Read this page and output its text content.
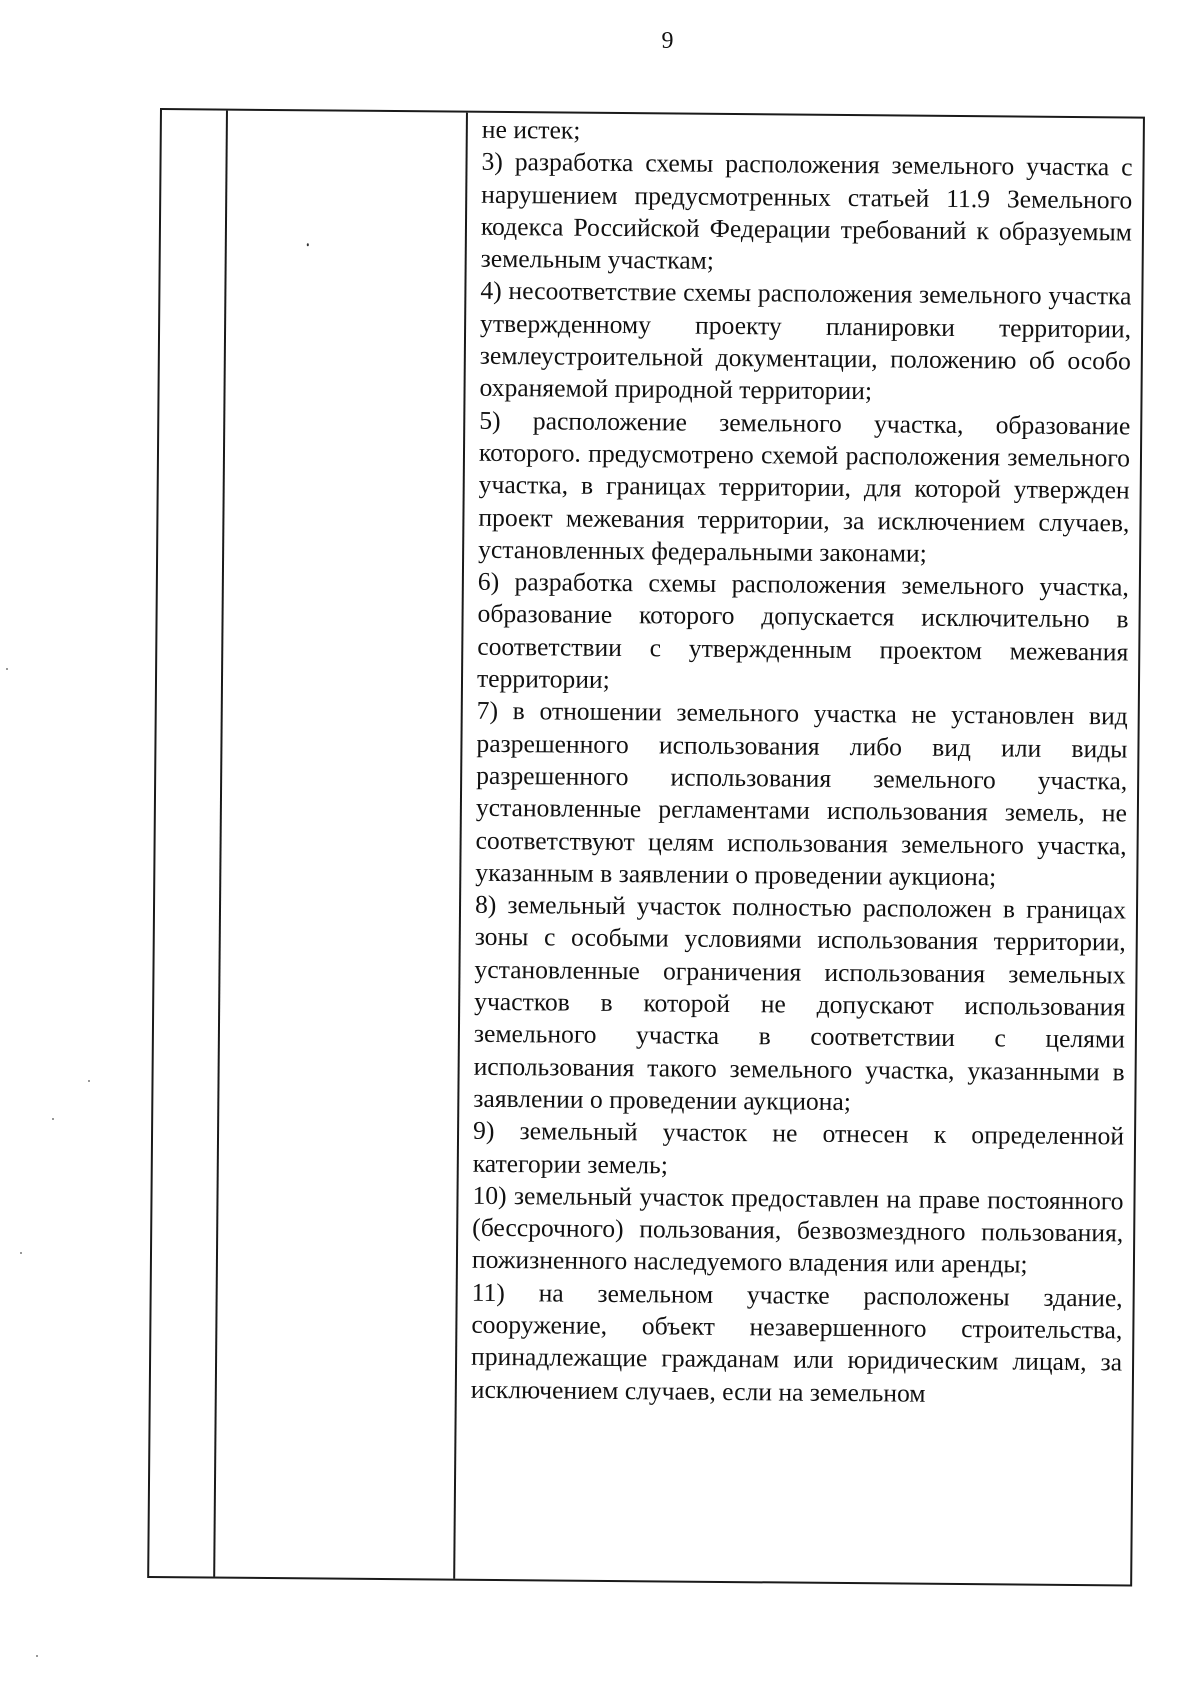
9

не истек;

3) разработка схемы расположения земельного участка с нарушением предусмотренных статьей 11.9 Земельного кодекса Российской Федерации требований к образуемым земельным участкам;

4) несоответствие схемы расположения земельного участка утвержденному проекту планировки территории, землеустроительной документации, положению об особо охраняемой природной территории;

5) расположение земельного участка, образование которого. предусмотрено схемой расположения земельного участка, в границах территории, для которой утвержден проект межевания территории, за исключением случаев, установленных федеральными законами;

6) разработка схемы расположения земельного участка, образование которого допускается исключительно в соответствии с утвержденным проектом межевания территории;

7) в отношении земельного участка не установлен вид разрешенного использования либо вид или виды разрешенного использования земельного участка, установленные регламентами использования земель, не соответствуют целям использования земельного участка, указанным в заявлении о проведении аукциона;

8) земельный участок полностью расположен в границах зоны с особыми условиями использования территории, установленные ограничения использования земельных участков в которой не допускают использования земельного участка в соответствии с целями использования такого земельного участка, указанными в заявлении о проведении аукциона;

9) земельный участок не отнесен к определенной категории земель;

10) земельный участок предоставлен на праве постоянного (бессрочного) пользования, безвозмездного пользования, пожизненного наследуемого владения или аренды;

11) на земельном участке расположены здание, сооружение, объект незавершенного строительства, принадлежащие гражданам или юридическим лицам, за исключением случаев, если на земельном
